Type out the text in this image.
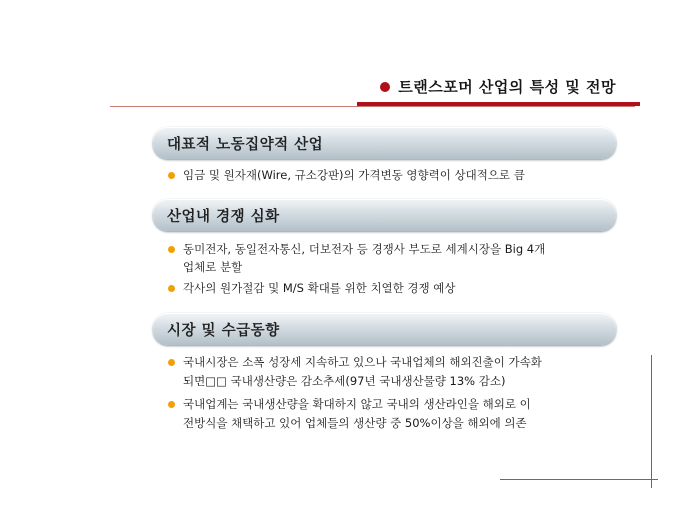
트랜스포머 산업의 특성 및 전망
대표적 노동집약적 산업
임금 및 원자재(Wire, 규소강판)의 가격변동 영향력이 상대적으로 큼
산업내 경쟁 심화
동미전자, 동일전자통신, 더보전자 등 경쟁사 부도로 세계시장을 Big 4개
업체로 분할
각사의 원가절감 및 M/S 확대를 위한 치열한 경쟁 예상
시장 및 수급동향
국내시장은 소폭 성장세 지속하고 있으나 국내업체의 해외진출이 가속화
되면□□ 국내생산량은 감소추세(97년 국내생산물량 13% 감소)
국내업계는 국내생산량을 확대하지 않고 국내의 생산라인을 해외로 이
전방식을 채택하고 있어 업체들의 생산량 중 50%이상을 해외에 의존
